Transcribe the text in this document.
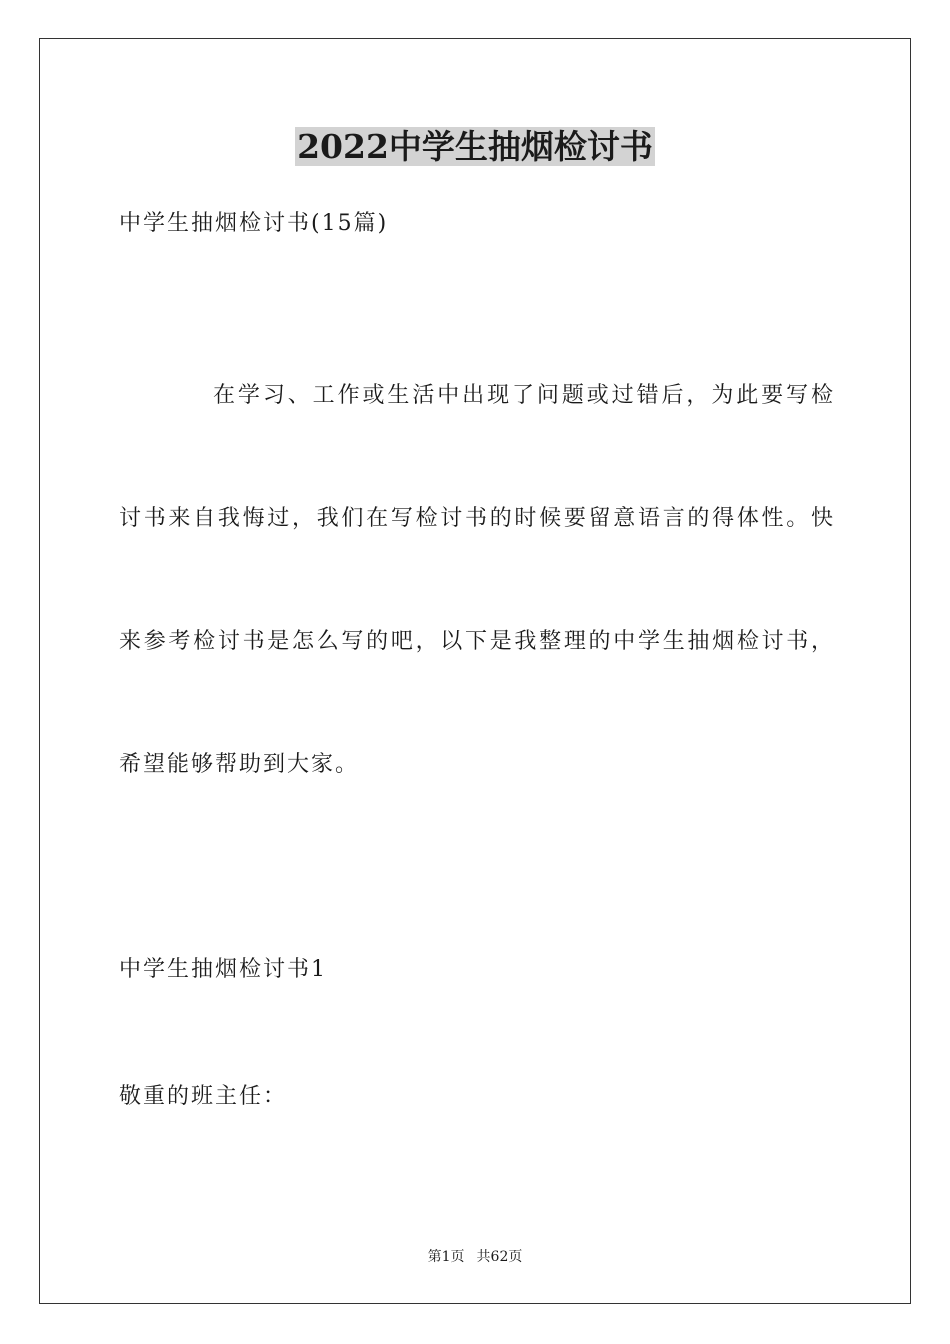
2022中学生抽烟检讨书
中学生抽烟检讨书(15篇)
在学习、工作或生活中出现了问题或过错后，为此要写检讨书来自我悔过，我们在写检讨书的时候要留意语言的得体性。快来参考检讨书是怎么写的吧，以下是我整理的中学生抽烟检讨书，希望能够帮助到大家。
中学生抽烟检讨书1
敬重的班主任：
第1页 共62页
